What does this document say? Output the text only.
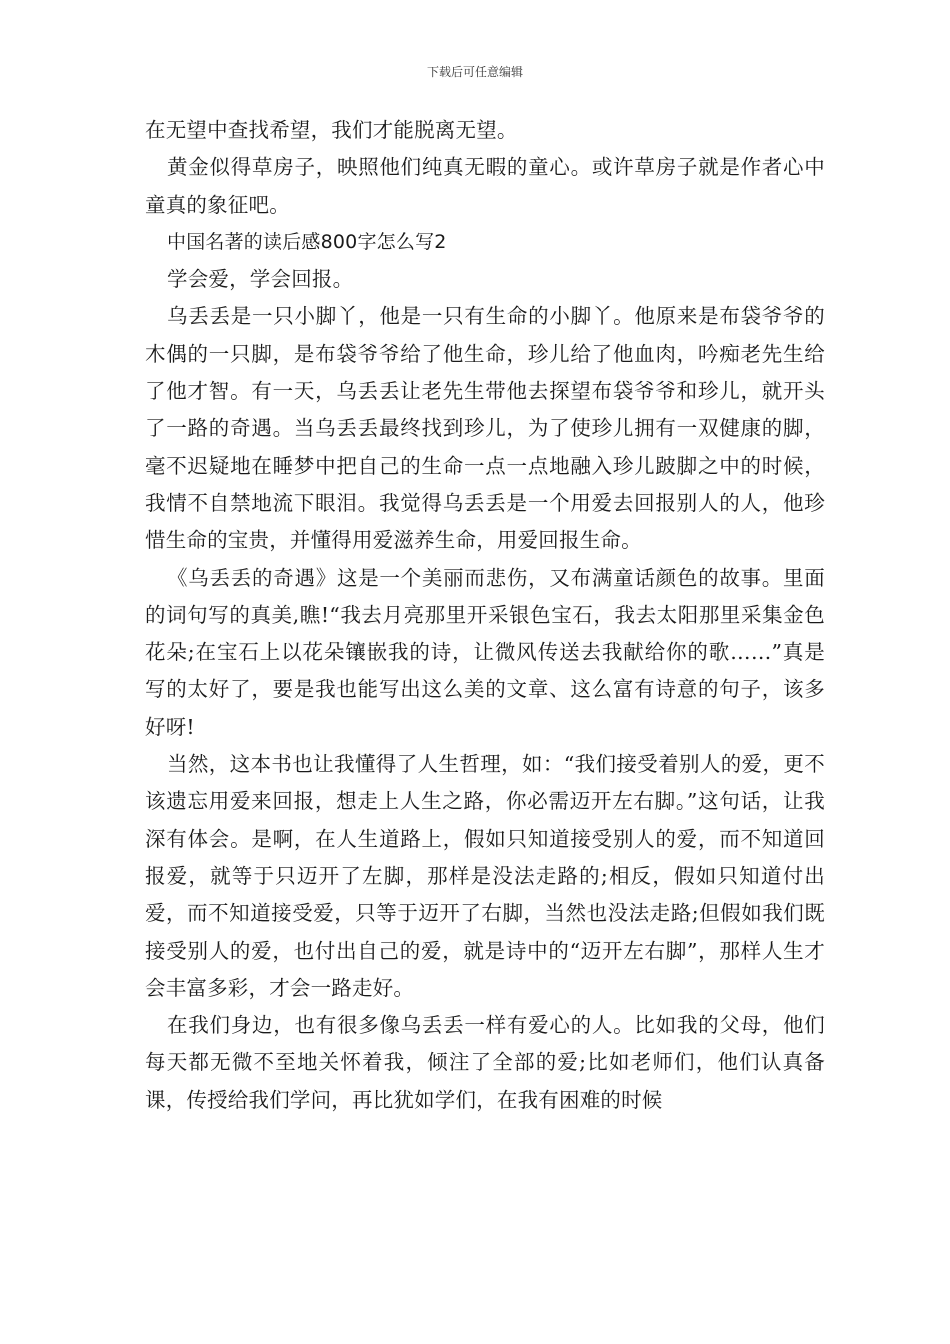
下载后可任意编辑

在无望中查找希望，我们才能脱离无望。

黄金似得草房子，映照他们纯真无暇的童心。或许草房子就是作者心中童真的象征吧。

中国名著的读后感800字怎么写2

学会爱，学会回报。

乌丢丢是一只小脚丫，他是一只有生命的小脚丫。他原来是布袋爷爷的木偶的一只脚，是布袋爷爷给了他生命，珍儿给了他血肉，吟痴老先生给了他才智。有一天，乌丢丢让老先生带他去探望布袋爷爷和珍儿，就开头了一路的奇遇。当乌丢丢最终找到珍儿，为了使珍儿拥有一双健康的脚，毫不迟疑地在睡梦中把自己的生命一点一点地融入珍儿跛脚之中的时候，我情不自禁地流下眼泪。我觉得乌丢丢是一个用爱去回报别人的人，他珍惜生命的宝贵，并懂得用爱滋养生命，用爱回报生命。

《乌丢丢的奇遇》这是一个美丽而悲伤，又布满童话颜色的故事。里面的词句写的真美,瞧!“我去月亮那里开采银色宝石，我去太阳那里采集金色花朵;在宝石上以花朵镶嵌我的诗，让微风传送去我献给你的歌……”真是写的太好了，要是我也能写出这么美的文章、这么富有诗意的句子，该多好呀!

当然，这本书也让我懂得了人生哲理，如：“我们接受着别人的爱，更不该遗忘用爱来回报，想走上人生之路，你必需迈开左右脚。”这句话，让我深有体会。是啊，在人生道路上，假如只知道接受别人的爱，而不知道回报爱，就等于只迈开了左脚，那样是没法走路的;相反，假如只知道付出爱，而不知道接受爱，只等于迈开了右脚，当然也没法走路;但假如我们既接受别人的爱，也付出自己的爱，就是诗中的“迈开左右脚”，那样人生才会丰富多彩，才会一路走好。

在我们身边，也有很多像乌丢丢一样有爱心的人。比如我的父母，他们每天都无微不至地关怀着我，倾注了全部的爱;比如老师们，他们认真备课，传授给我们学问，再比犹如学们，在我有困难的时候
